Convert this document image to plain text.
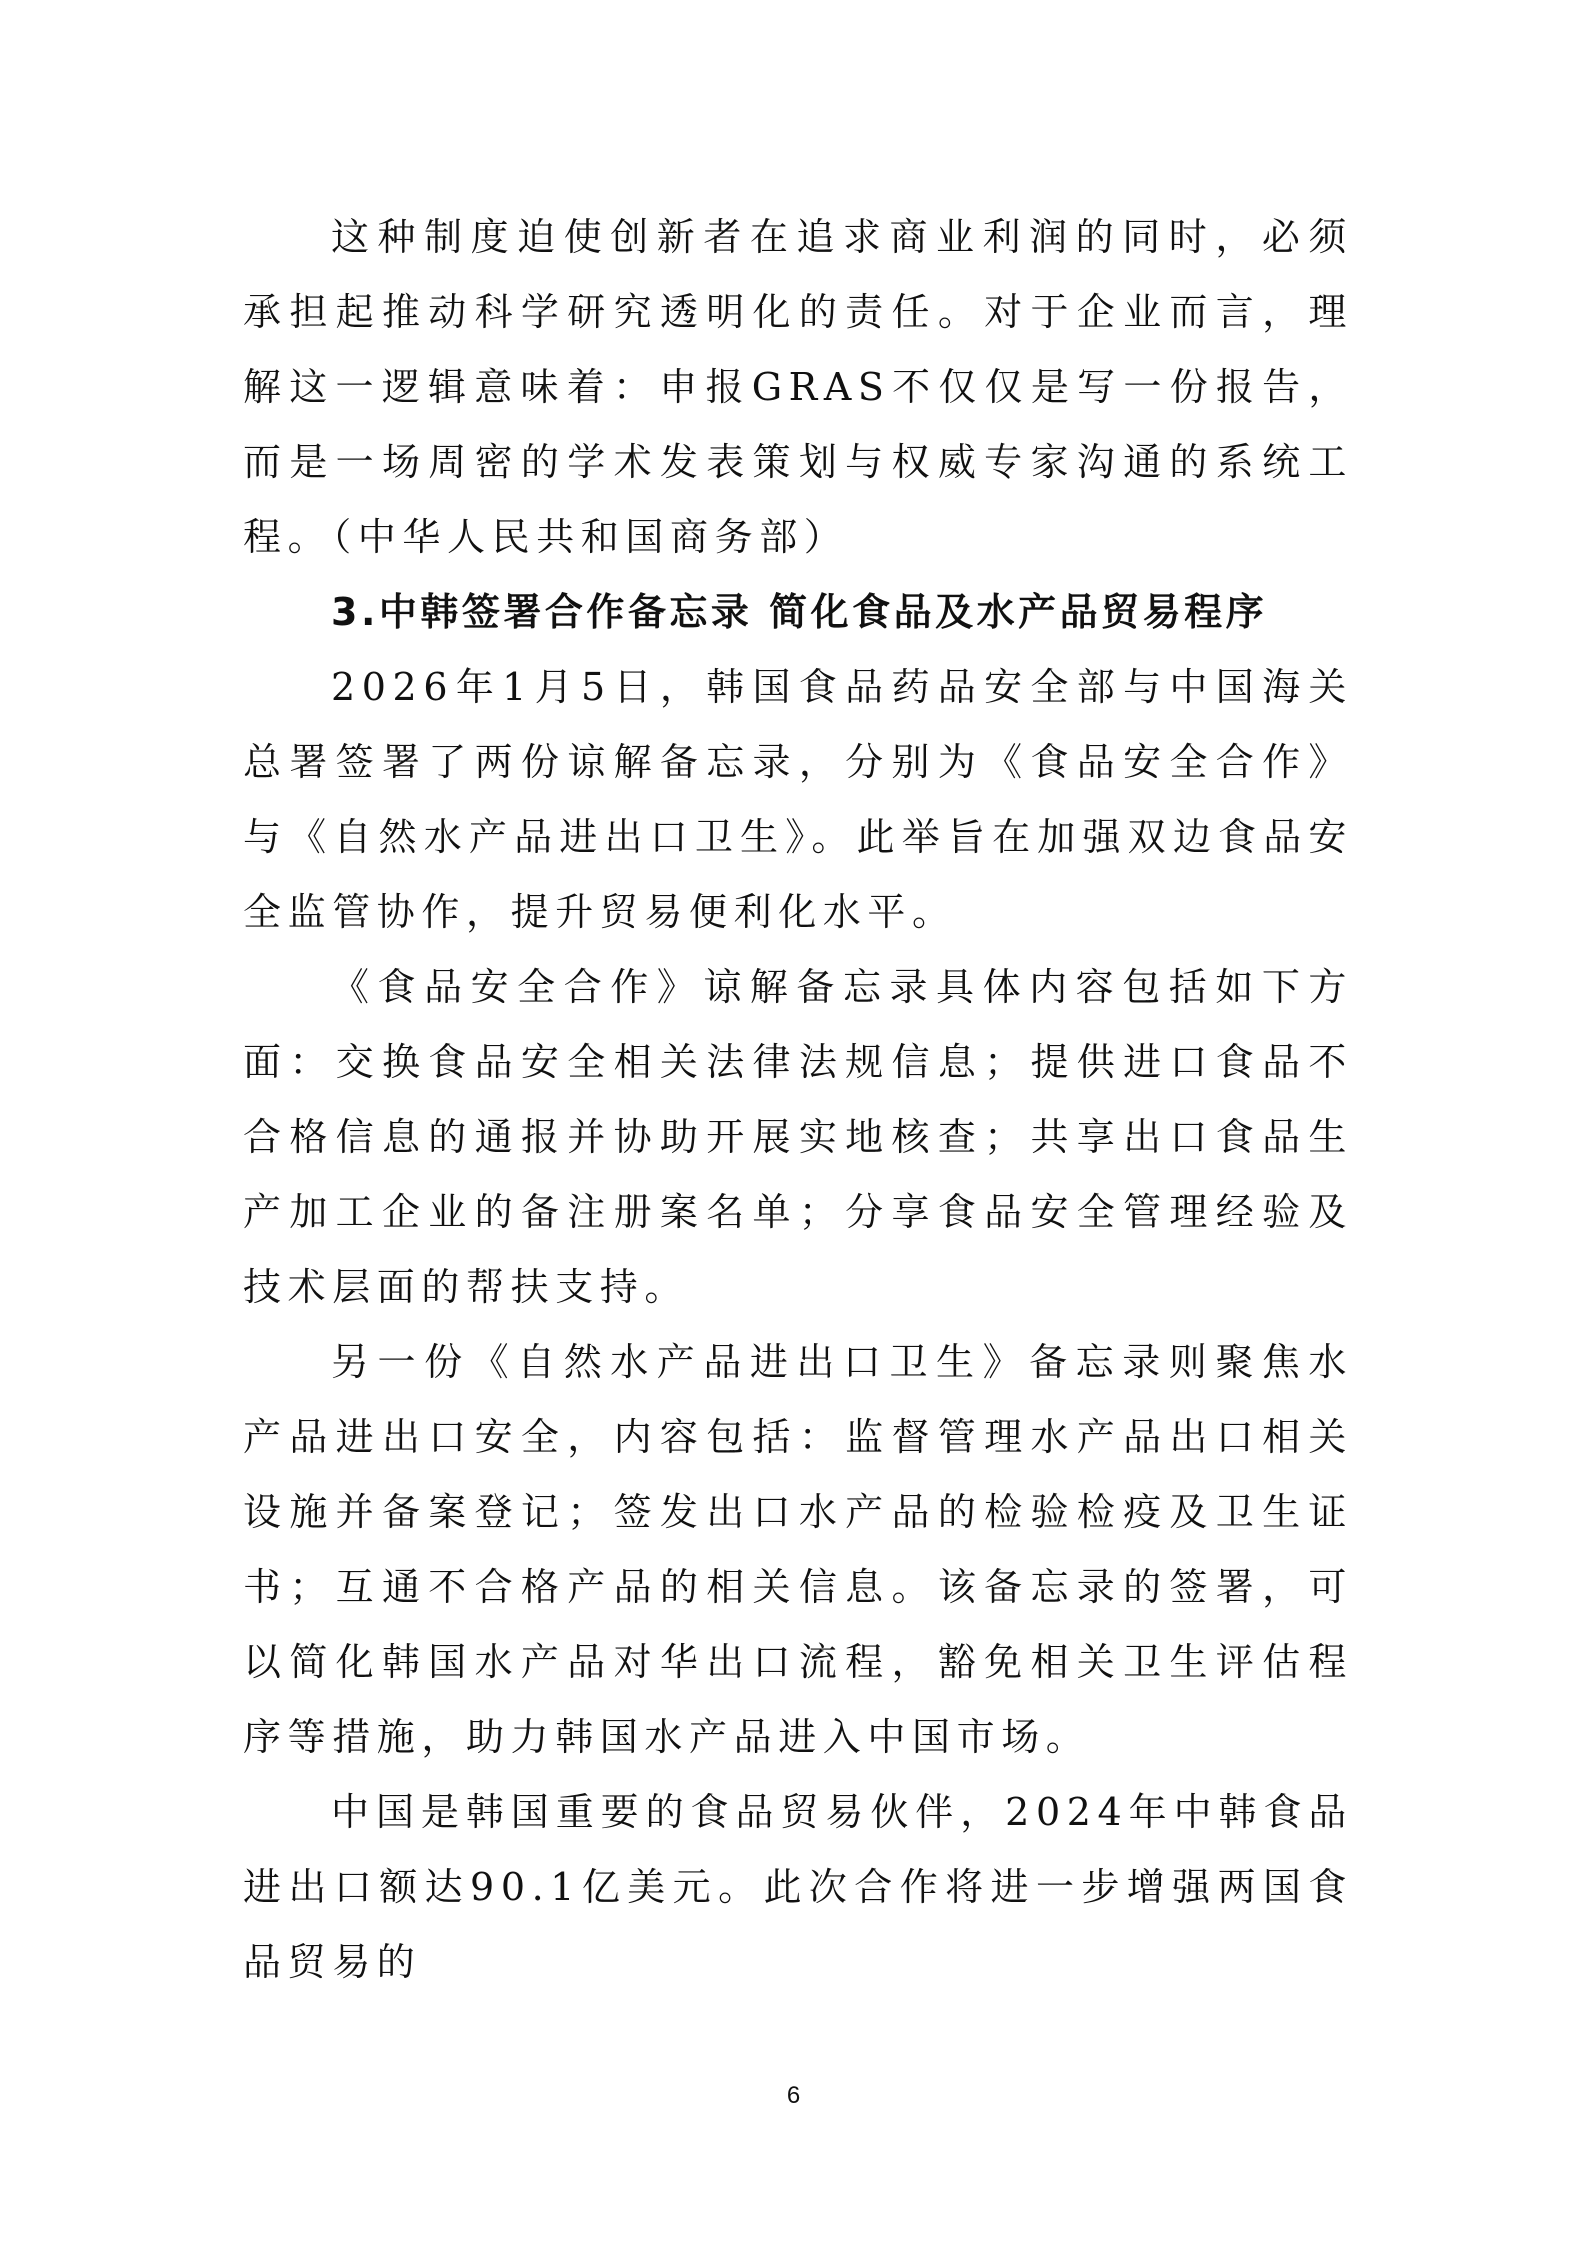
这种制度迫使创新者在追求商业利润的同时，必须承担起推动科学研究透明化的责任。对于企业而言，理解这一逻辑意味着：申报GRAS不仅仅是写一份报告，而是一场周密的学术发表策划与权威专家沟通的系统工程。（中华人民共和国商务部）

3.中韩签署合作备忘录 简化食品及水产品贸易程序

2026年1月5日，韩国食品药品安全部与中国海关总署签署了两份谅解备忘录，分别为《食品安全合作》与《自然水产品进出口卫生》。此举旨在加强双边食品安全监管协作，提升贸易便利化水平。

《食品安全合作》谅解备忘录具体内容包括如下方面：交换食品安全相关法律法规信息；提供进口食品不合格信息的通报并协助开展实地核查；共享出口食品生产加工企业的备注册案名单；分享食品安全管理经验及技术层面的帮扶支持。

另一份《自然水产品进出口卫生》备忘录则聚焦水产品进出口安全，内容包括：监督管理水产品出口相关设施并备案登记；签发出口水产品的检验检疫及卫生证书；互通不合格产品的相关信息。该备忘录的签署，可以简化韩国水产品对华出口流程，豁免相关卫生评估程序等措施，助力韩国水产品进入中国市场。

中国是韩国重要的食品贸易伙伴，2024年中韩食品进出口额达90.1亿美元。此次合作将进一步增强两国食品贸易的

6
